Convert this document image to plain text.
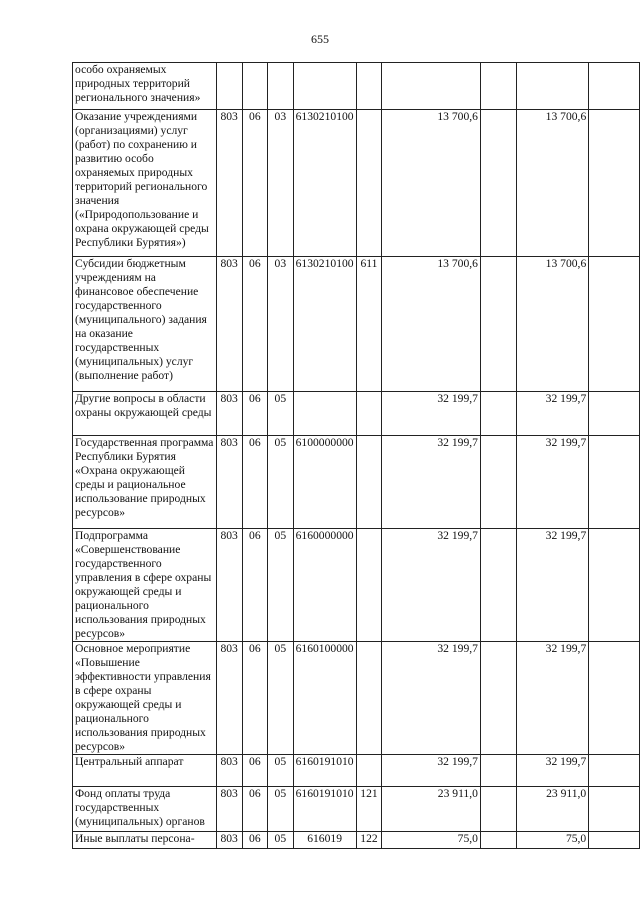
655
особо охраняемых природных территорий регионального значения»									
Оказание учреждениями (организациями) услуг (работ) по сохранению и развитию особо охраняемых природных территорий регионального значения («Природопользование и охрана окружающей среды Республики Бурятия»)	803	06	03	6130210100		13 700,6		13 700,6	
Субсидии бюджетным учреждениям на финансовое обеспечение государственного (муниципального) задания на оказание государственных (муниципальных) услуг (выполнение работ)	803	06	03	6130210100	611	13 700,6		13 700,6	
Другие вопросы в области охраны окружающей среды	803	06	05			32 199,7		32 199,7	
Государственная программа Республики Бурятия «Охрана окружающей среды и рациональное использование природных ресурсов»	803	06	05	6100000000		32 199,7		32 199,7	
Подпрограмма «Совершенствование государственного управления в сфере охраны окружающей среды и рационального использования природных ресурсов»	803	06	05	6160000000		32 199,7		32 199,7	
Основное мероприятие «Повышение эффективности управления в сфере охраны окружающей среды и рационального использования природных ресурсов»	803	06	05	6160100000		32 199,7		32 199,7	
Центральный аппарат	803	06	05	6160191010		32 199,7		32 199,7	
Фонд оплаты труда государственных (муниципальных) органов	803	06	05	6160191010	121	23 911,0		23 911,0	
Иные выплаты персона-	803	06	05	616019	122	75,0		75,0	
